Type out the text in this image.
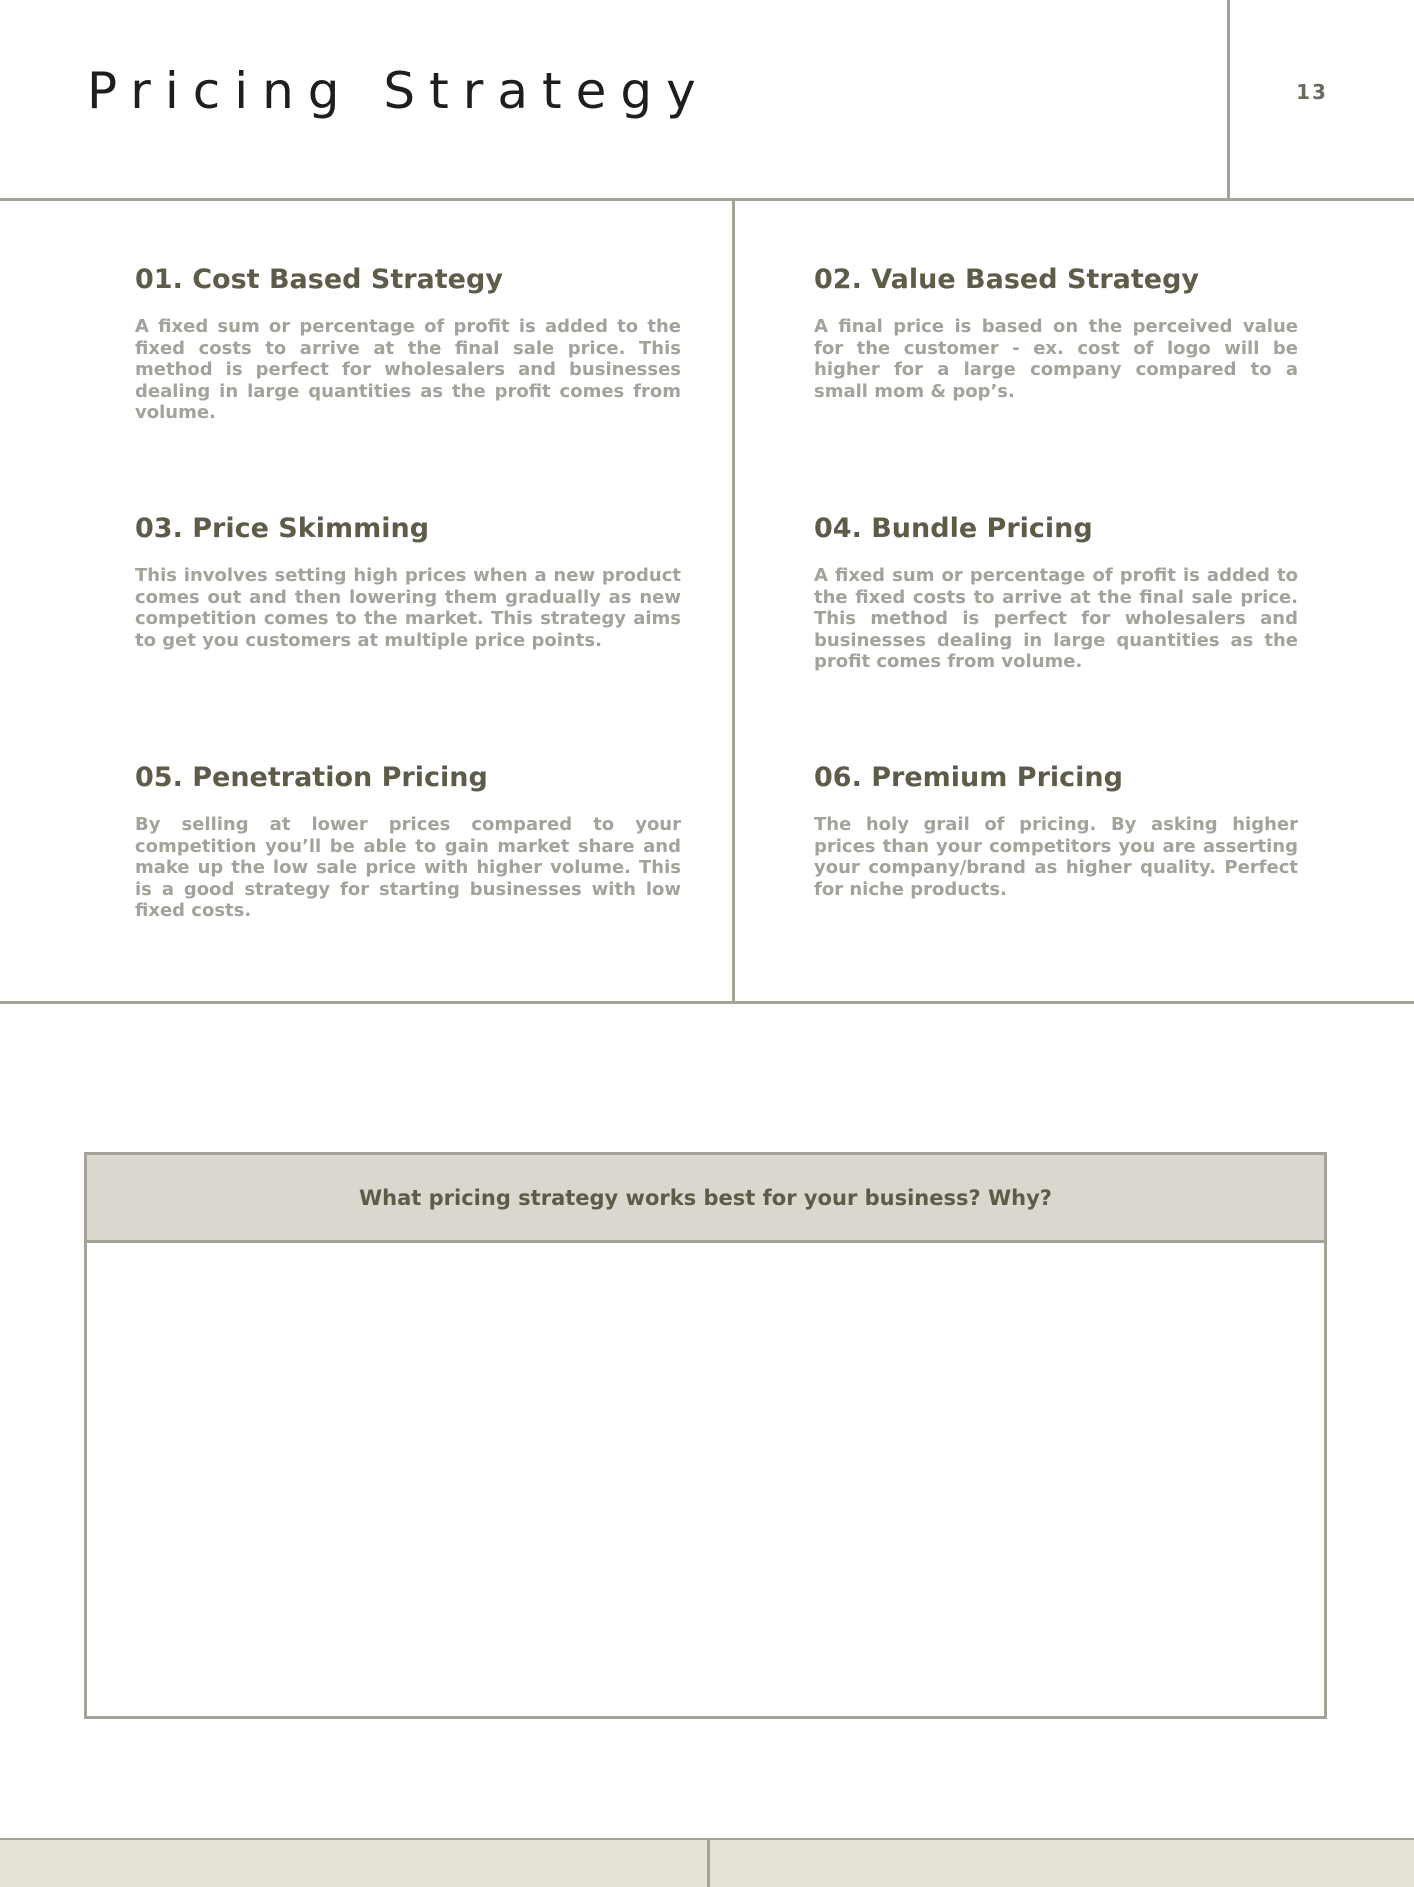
Pricing Strategy	13
01. Cost Based Strategy

A fixed sum or percentage of profit is added to the fixed costs to arrive at the final sale price. This method is perfect for wholesalers and businesses dealing in large quantities as the profit comes from volume.

02. Value Based Strategy

A final price is based on the perceived value for the customer - ex. cost of logo will be higher for a large company compared to a small mom & pop’s.

03. Price Skimming

This involves setting high prices when a new product comes out and then lowering them gradually as new competition comes to the market. This strategy aims to get you customers at multiple price points.

04. Bundle Pricing

A fixed sum or percentage of profit is added to the fixed costs to arrive at the final sale price. This method is perfect for wholesalers and businesses dealing in large quantities as the profit comes from volume.

05. Penetration Pricing

By selling at lower prices compared to your competition you’ll be able to gain market share and make up the low sale price with higher volume. This is a good strategy for starting businesses with low fixed costs.

06. Premium Pricing

The holy grail of pricing. By asking higher prices than your competitors you are asserting your company/brand as higher quality. Perfect for niche products.

What pricing strategy works best for your business? Why?
